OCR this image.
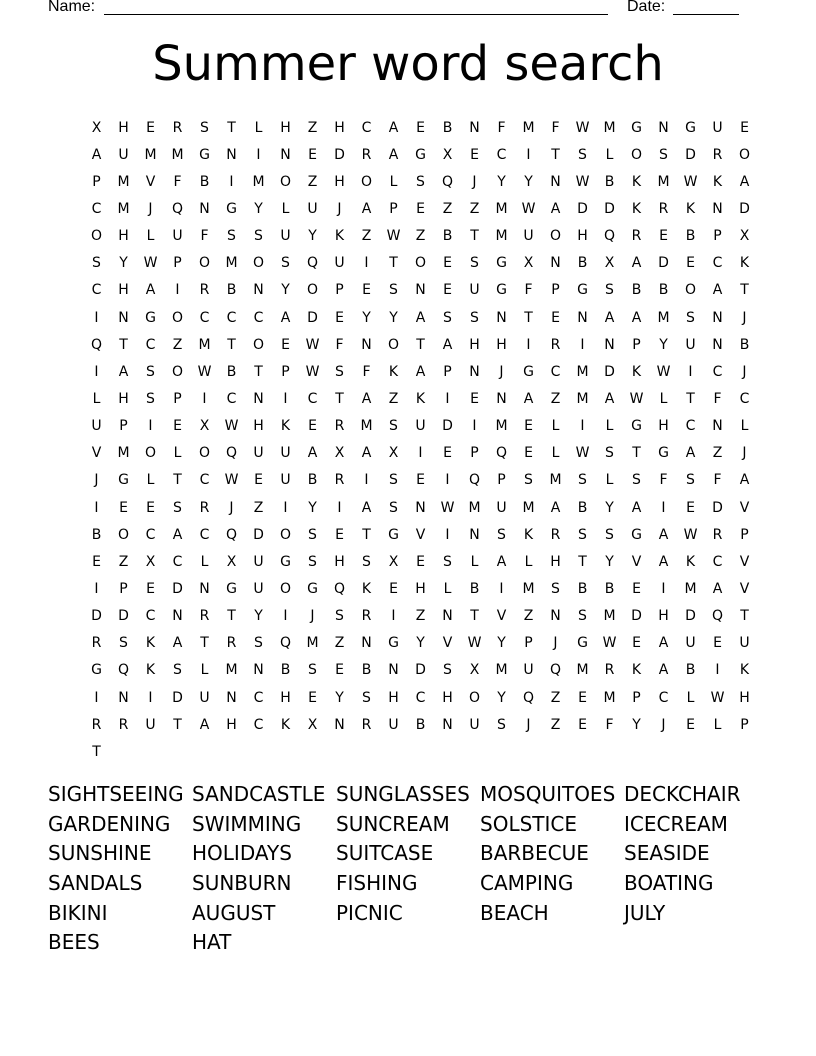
Name:	Date:
Summer word search
X	H	E	R	S	T	L	H	Z	H	C	A	E	B	N	F	M	F	W	M	G	N	G	U	E
A	U	M	M	G	N	I	N	E	D	R	A	G	X	E	C	I	T	S	L	O	S	D	R	O
P	M	V	F	B	I	M	O	Z	H	O	L	S	Q	J	Y	Y	N	W	B	K	M	W	K	A
C	M	J	Q	N	G	Y	L	U	J	A	P	E	Z	Z	M	W	A	D	D	K	R	K	N	D
O	H	L	U	F	S	S	U	Y	K	Z	W	Z	B	T	M	U	O	H	Q	R	E	B	P	X
S	Y	W	P	O	M	O	S	Q	U	I	T	O	E	S	G	X	N	B	X	A	D	E	C	K
C	H	A	I	R	B	N	Y	O	P	E	S	N	E	U	G	F	P	G	S	B	B	O	A	T
I	N	G	O	C	C	C	A	D	E	Y	Y	A	S	S	N	T	E	N	A	A	M	S	N	J
Q	T	C	Z	M	T	O	E	W	F	N	O	T	A	H	H	I	R	I	N	P	Y	U	N	B
I	A	S	O	W	B	T	P	W	S	F	K	A	P	N	J	G	C	M	D	K	W	I	C	J
L	H	S	P	I	C	N	I	C	T	A	Z	K	I	E	N	A	Z	M	A	W	L	T	F	C
U	P	I	E	X	W	H	K	E	R	M	S	U	D	I	M	E	L	I	L	G	H	C	N	L
V	M	O	L	O	Q	U	U	A	X	A	X	I	E	P	Q	E	L	W	S	T	G	A	Z	J
J	G	L	T	C	W	E	U	B	R	I	S	E	I	Q	P	S	M	S	L	S	F	S	F	A
I	E	E	S	R	J	Z	I	Y	I	A	S	N	W	M	U	M	A	B	Y	A	I	E	D	V
B	O	C	A	C	Q	D	O	S	E	T	G	V	I	N	S	K	R	S	S	G	A	W	R	P
E	Z	X	C	L	X	U	G	S	H	S	X	E	S	L	A	L	H	T	Y	V	A	K	C	V
I	P	E	D	N	G	U	O	G	Q	K	E	H	L	B	I	M	S	B	B	E	I	M	A	V
D	D	C	N	R	T	Y	I	J	S	R	I	Z	N	T	V	Z	N	S	M	D	H	D	Q	T
R	S	K	A	T	R	S	Q	M	Z	N	G	Y	V	W	Y	P	J	G	W	E	A	U	E	U
G	Q	K	S	L	M	N	B	S	E	B	N	D	S	X	M	U	Q	M	R	K	A	B	I	K
I	N	I	D	U	N	C	H	E	Y	S	H	C	H	O	Y	Q	Z	E	M	P	C	L	W	H
R	R	U	T	A	H	C	K	X	N	R	U	B	N	U	S	J	Z	E	F	Y	J	E	L	P
T
SIGHTSEEING SANDCASTLE SUNGLASSES MOSQUITOES DECKCHAIR
GARDENING	SWIMMING	SUNCREAM	SOLSTICE	ICECREAM
SUNSHINE	HOLIDAYS	SUITCASE	BARBECUE	SEASIDE
SANDALS	SUNBURN	FISHING	CAMPING	BOATING
BIKINI	AUGUST	PICNIC	BEACH	JULY
BEES	HAT
